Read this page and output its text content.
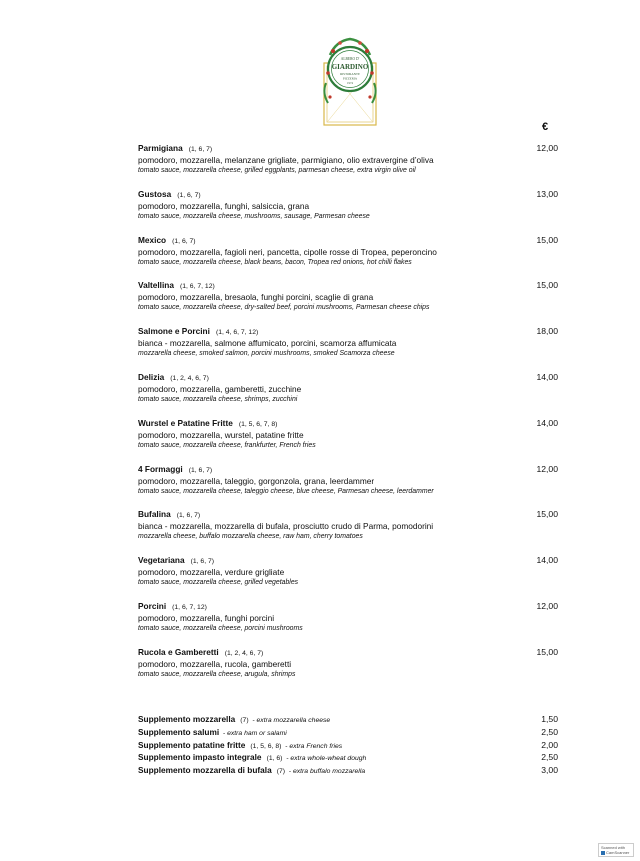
ALBERO D'
GIARDINO
RISTORANTE
PIZZERIA
1974
€
Parmigiana (1, 6, 7)	12,00
pomodoro, mozzarella, melanzane grigliate, parmigiano, olio extravergine d’oliva
tomato sauce, mozzarella cheese, grilled eggplants, parmesan cheese, extra virgin olive oil
Gustosa (1, 6, 7)	13,00
pomodoro, mozzarella, funghi, salsiccia, grana
tomato sauce, mozzarella cheese, mushrooms, sausage, Parmesan cheese
Mexico (1, 6, 7)	15,00
pomodoro, mozzarella, fagioli neri, pancetta, cipolle rosse di Tropea, peperoncino
tomato sauce, mozzarella cheese, black beans, bacon, Tropea red onions, hot chilli flakes
Valtellina (1, 6, 7, 12)	15,00
pomodoro, mozzarella, bresaola, funghi porcini, scaglie di grana
tomato sauce, mozzarella cheese, dry-salted beef, porcini mushrooms, Parmesan cheese chips
Salmone e Porcini (1, 4, 6, 7, 12)	18,00
bianca - mozzarella, salmone affumicato, porcini, scamorza affumicata
mozzarella cheese, smoked salmon, porcini mushrooms, smoked Scamorza cheese
Delizia (1, 2, 4, 6, 7)	14,00
pomodoro, mozzarella, gamberetti, zucchine
tomato sauce, mozzarella cheese, shrimps, zucchini
Wurstel e Patatine Fritte (1, 5, 6, 7, 8)	14,00
pomodoro, mozzarella, wurstel, patatine fritte
tomato sauce, mozzarella cheese, frankfurter, French fries
4 Formaggi (1, 6, 7)	12,00
pomodoro, mozzarella, taleggio, gorgonzola, grana, leerdammer
tomato sauce, mozzarella cheese, taleggio cheese, blue cheese, Parmesan cheese, leerdammer
Bufalina (1, 6, 7)	15,00
bianca - mozzarella, mozzarella di bufala, prosciutto crudo di Parma, pomodorini
mozzarella cheese, buffalo mozzarella cheese, raw ham, cherry tomatoes
Vegetariana (1, 6, 7)	14,00
pomodoro, mozzarella, verdure grigliate
tomato sauce, mozzarella cheese, grilled vegetables
Porcini (1, 6, 7, 12)	12,00
pomodoro, mozzarella, funghi porcini
tomato sauce, mozzarella cheese, porcini mushrooms
Rucola e Gamberetti (1, 2, 4, 6, 7)	15,00
pomodoro, mozzarella, rucola, gamberetti
tomato sauce, mozzarella cheese, arugula, shrimps
Supplemento mozzarella (7)  - extra mozzarella cheese	1,50
Supplemento salumi  - extra ham or salami	2,50
Supplemento patatine fritte (1, 5, 6, 8)  - extra French fries	2,00
Supplemento impasto integrale (1, 6)  - extra whole-wheat dough	2,50
Supplemento mozzarella di bufala (7)  - extra buffalo mozzarella	3,00
Scanned with
CamScanner
